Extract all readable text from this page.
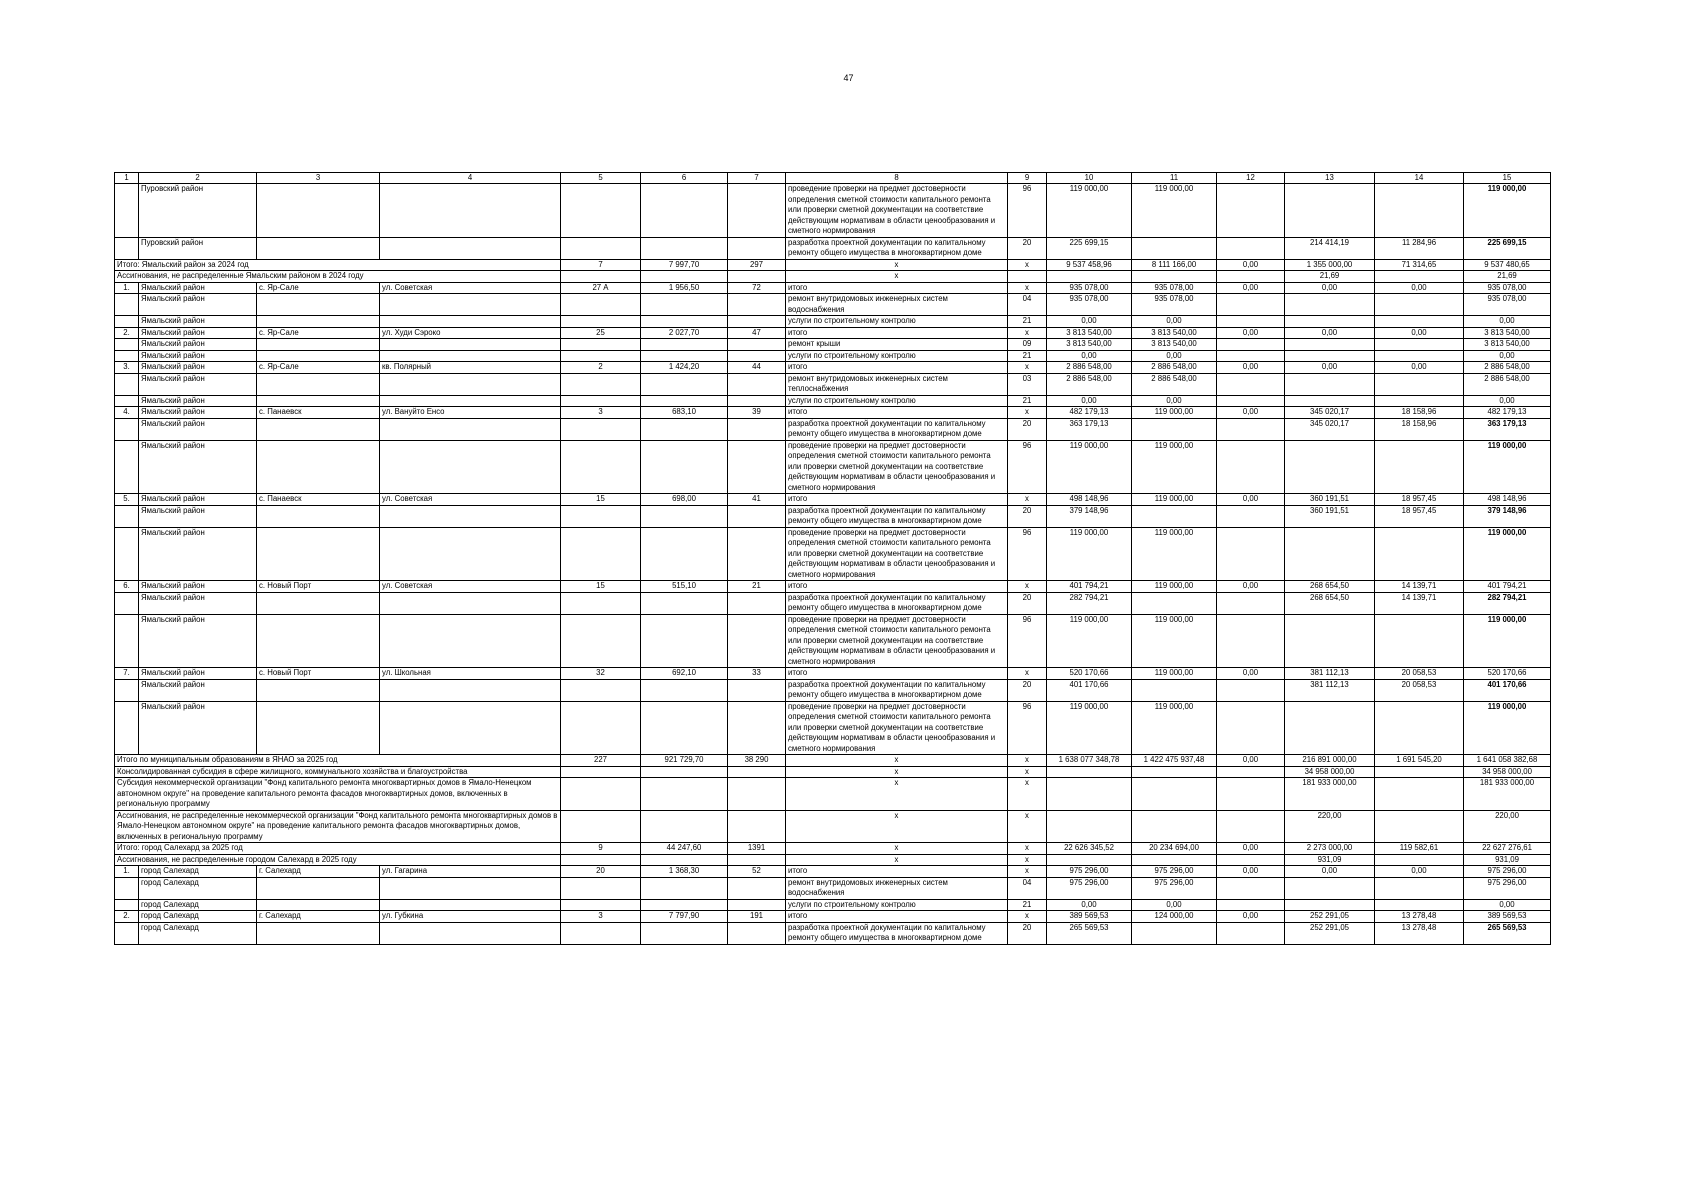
47
1	2	3	4	5	6	7	8	9	10	11	12	13	14	15
	Пуровский район						проведение проверки на предмет достоверности определения сметной стоимости капитального ремонта или проверки сметной документации на соответствие действующим нормативам в области ценообразования и сметного нормирования	96	119 000,00	119 000,00				119 000,00
	Пуровский район						разработка проектной документации по капитальному ремонту общего имущества в многоквартирном доме	20	225 699,15			214 414,19	11 284,96	225 699,15
Итого: Ямальский район за 2024 год				7	7 997,70	297	х	х	9 537 458,96	8 111 166,00	0,00	1 355 000,00	71 314,65	9 537 480,65
Ассигнования, не распределенные Ямальским районом в 2024 году							х					21,69		21,69
1.	Ямальский район	с. Яр-Сале	ул. Советская	27 А	1 956,50	72	итого	х	935 078,00	935 078,00	0,00	0,00	0,00	935 078,00
	Ямальский район						ремонт внутридомовых инженерных систем водоснабжения	04	935 078,00	935 078,00				935 078,00
	Ямальский район						услуги по строительному контролю	21	0,00	0,00				0,00
2.	Ямальский район	с. Яр-Сале	ул. Худи Сэроко	25	2 027,70	47	итого	х	3 813 540,00	3 813 540,00	0,00	0,00	0,00	3 813 540,00
	Ямальский район						ремонт крыши	09	3 813 540,00	3 813 540,00				3 813 540,00
	Ямальский район						услуги по строительному контролю	21	0,00	0,00				0,00
3.	Ямальский район	с. Яр-Сале	кв. Полярный	2	1 424,20	44	итого	х	2 886 548,00	2 886 548,00	0,00	0,00	0,00	2 886 548,00
	Ямальский район						ремонт внутридомовых инженерных систем теплоснабжения	03	2 886 548,00	2 886 548,00				2 886 548,00
	Ямальский район						услуги по строительному контролю	21	0,00	0,00				0,00
4.	Ямальский район	с. Панаевск	ул. Вануйто Енсо	3	683,10	39	итого	х	482 179,13	119 000,00	0,00	345 020,17	18 158,96	482 179,13
	Ямальский район						разработка проектной документации по капитальному ремонту общего имущества в многоквартирном доме	20	363 179,13			345 020,17	18 158,96	363 179,13
	Ямальский район						проведение проверки на предмет достоверности определения сметной стоимости капитального ремонта или проверки сметной документации на соответствие действующим нормативам в области ценообразования и сметного нормирования	96	119 000,00	119 000,00				119 000,00
5.	Ямальский район	с. Панаевск	ул. Советская	15	698,00	41	итого	х	498 148,96	119 000,00	0,00	360 191,51	18 957,45	498 148,96
	Ямальский район						разработка проектной документации по капитальному ремонту общего имущества в многоквартирном доме	20	379 148,96			360 191,51	18 957,45	379 148,96
	Ямальский район						проведение проверки на предмет достоверности определения сметной стоимости капитального ремонта или проверки сметной документации на соответствие действующим нормативам в области ценообразования и сметного нормирования	96	119 000,00	119 000,00				119 000,00
6.	Ямальский район	с. Новый Порт	ул. Советская	15	515,10	21	итого	х	401 794,21	119 000,00	0,00	268 654,50	14 139,71	401 794,21
	Ямальский район						разработка проектной документации по капитальному ремонту общего имущества в многоквартирном доме	20	282 794,21			268 654,50	14 139,71	282 794,21
	Ямальский район						проведение проверки на предмет достоверности определения сметной стоимости капитального ремонта или проверки сметной документации на соответствие действующим нормативам в области ценообразования и сметного нормирования	96	119 000,00	119 000,00				119 000,00
7.	Ямальский район	с. Новый Порт	ул. Школьная	32	692,10	33	итого	х	520 170,66	119 000,00	0,00	381 112,13	20 058,53	520 170,66
	Ямальский район						разработка проектной документации по капитальному ремонту общего имущества в многоквартирном доме	20	401 170,66			381 112,13	20 058,53	401 170,66
	Ямальский район						проведение проверки на предмет достоверности определения сметной стоимости капитального ремонта или проверки сметной документации на соответствие действующим нормативам в области ценообразования и сметного нормирования	96	119 000,00	119 000,00				119 000,00
Итого по муниципальным образованиям в ЯНАО за 2025 год				227	921 729,70	38 290	х	х	1 638 077 348,78	1 422 475 937,48	0,00	216 891 000,00	1 691 545,20	1 641 058 382,68
Консолидированная субсидия в сфере жилищного, коммунального хозяйства и благоустройства							х	х				34 958 000,00		34 958 000,00
Субсидия некоммерческой организации "Фонд капитального ремонта многоквартирных домов в Ямало-Ненецком автономном округе" на проведение капитального ремонта фасадов многоквартирных домов, включенных в региональную программу							х	х				181 933 000,00		181 933 000,00
Ассигнования, не распределенные некоммерческой организации "Фонд капитального ремонта многоквартирных домов в Ямало-Ненецком автономном округе" на проведение капитального ремонта фасадов многоквартирных домов, включенных в региональную программу							х	х				220,00		220,00
Итого: город Салехард за 2025 год				9	44 247,60	1391	х	х	22 626 345,52	20 234 694,00	0,00	2 273 000,00	119 582,61	22 627 276,61
Ассигнования, не распределенные городом Салехард в 2025 году							х	х				931,09		931,09
1.	город Салехард	г. Салехард	ул. Гагарина	20	1 368,30	52	итого	х	975 296,00	975 296,00	0,00	0,00	0,00	975 296,00
	город Салехард						ремонт внутридомовых инженерных систем водоснабжения	04	975 296,00	975 296,00				975 296,00
	город Салехард						услуги по строительному контролю	21	0,00	0,00				0,00
2.	город Салехард	г. Салехард	ул. Губкина	3	7 797,90	191	итого	х	389 569,53	124 000,00	0,00	252 291,05	13 278,48	389 569,53
	город Салехард						разработка проектной документации по капитальному ремонту общего имущества в многоквартирном доме	20	265 569,53			252 291,05	13 278,48	265 569,53
